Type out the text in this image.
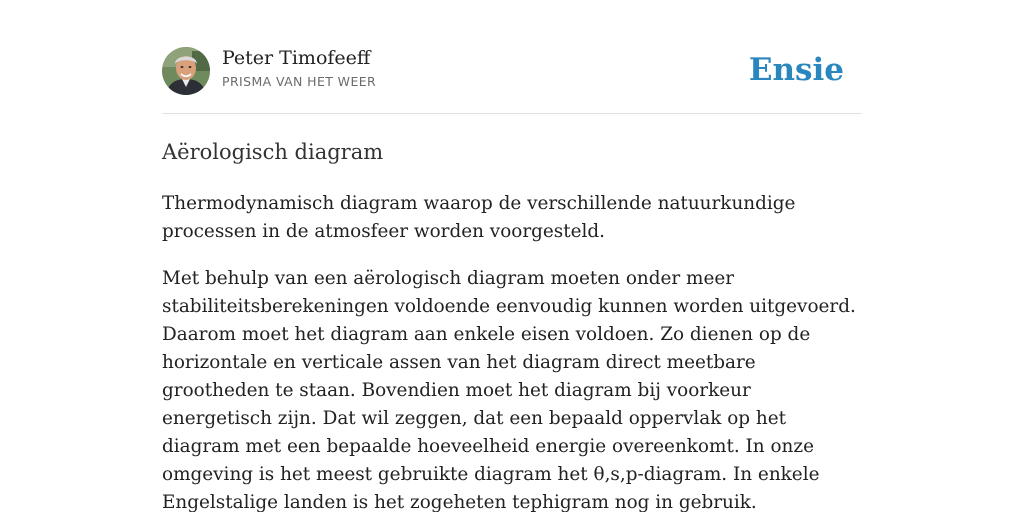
Peter Timofeeff
PRISMA VAN HET WEER	Ensie
Aërologisch diagram

Thermodynamisch diagram waarop de verschillende natuurkundige processen in de atmosfeer worden voorgesteld.

Met behulp van een aërologisch diagram moeten onder meer stabiliteitsberekeningen voldoende eenvoudig kunnen worden uitgevoerd. Daarom moet het diagram aan enkele eisen voldoen. Zo dienen op de horizontale en verticale assen van het diagram direct meetbare grootheden te staan. Bovendien moet het diagram bij voorkeur energetisch zijn. Dat wil zeggen, dat een bepaald oppervlak op het diagram met een bepaalde hoeveelheid energie overeenkomt. In onze omgeving is het meest gebruikte diagram het θ,s,p-diagram. In enkele Engelstalige landen is het zogeheten tephigram nog in gebruik.
